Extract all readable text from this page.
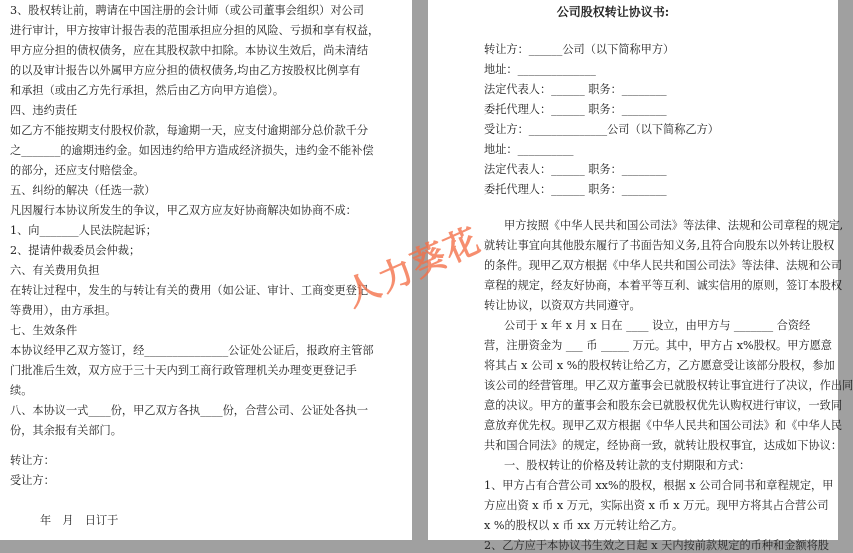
3、股权转让前，聘请在中国注册的会计师（或公司董事会组织）对公司
进行审计，甲方按审计报告表的范围承担应分担的风险、亏损和享有权益，
甲方应分担的债权债务，应在其股权款中扣除。本协议生效后，尚未清结
的以及审计报告以外属甲方应分担的债权债务,均由乙方按股权比例享有
和承担（或由乙方先行承担，然后由乙方向甲方追偿）。
四、违约责任
如乙方不能按期支付股权价款，每逾期一天，应支付逾期部分总价款千分
之_______的逾期违约金。如因违约给甲方造成经济损失，违约金不能补偿
的部分，还应支付赔偿金。
五、纠纷的解决（任选一款）
凡因履行本协议所发生的争议，甲乙双方应友好协商解决如协商不成：
1、向_______人民法院起诉；
2、提请仲裁委员会仲裁；
六、有关费用负担
在转让过程中，发生的与转让有关的费用（如公证、审计、工商变更登记
等费用），由方承担。
七、生效条件
本协议经甲乙双方签订，经_______________公证处公证后，报政府主管部
门批准后生效，双方应于三十天内到工商行政管理机关办理变更登记手
续。
八、本协议一式____份，甲乙双方各执____份，合营公司、公证处各执一
份，其余报有关部门。
转让方：
受让方：
年　月　日订于
公司股权转让协议书:
转让方：______公司（以下简称甲方）
地址：______________
法定代表人：______ 职务：________
委托代理人：______ 职务：________
受让方：______________公司（以下简称乙方）
地址：__________
法定代表人：______ 职务：________
委托代理人：______ 职务：________
甲方按照《中华人民共和国公司法》等法律、法规和公司章程的规定,
就转让事宜向其他股东履行了书面告知义务,且符合向股东以外转让股权
的条件。现甲乙双方根据《中华人民共和国公司法》等法律、法规和公司
章程的规定，经友好协商，本着平等互利、诚实信用的原则，签订本股权
转让协议，以资双方共同遵守。
公司于 x 年 x 月 x 日在 ____ 设立，由甲方与 _______ 合资经
营，注册资金为 ___ 币 _____ 万元。其中，甲方占 x%股权。甲方愿意
将其占 x 公司 x %的股权转让给乙方，乙方愿意受让该部分股权，参加
该公司的经营管理。甲乙双方董事会已就股权转让事宜进行了决议，作出同
意的决议。甲方的董事会和股东会已就股权优先认购权进行审议，一致同
意放弃优先权。现甲乙双方根据《中华人民共和国公司法》和《中华人民
共和国合同法》的规定，经协商一致，就转让股权事宜，达成如下协议：
一、股权转让的价格及转让款的支付期限和方式：
1、甲方占有合营公司 xx%的股权，根据 x 公司合同书和章程规定，甲
方应出资 x 币 x 万元，实际出资 x 币 x 万元。现甲方将其占合营公司
x %的股权以 x 币 xx 万元转让给乙方。
2、乙方应于本协议书生效之日起 x 天内按前款规定的币种和金额将股
人力葵花
